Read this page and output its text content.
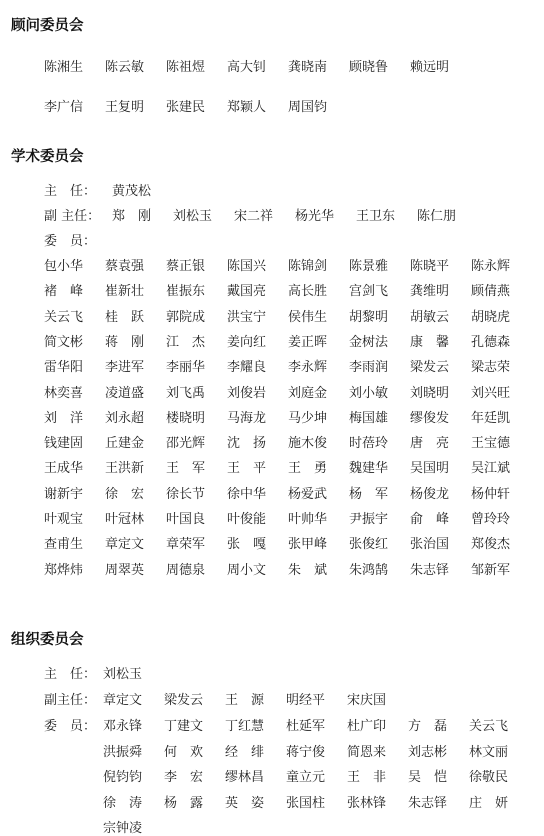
顾问委员会
陈湘生 陈云敏 陈祖煜 高大钊 龚晓南 顾晓鲁 赖远明
李广信 王复明 张建民 郑颖人 周国钧
学术委员会
主　任： 黄茂松
副 主任： 郑　刚 刘松玉 宋二祥 杨光华 王卫东 陈仁朋
委　员：
包小华 蔡袁强 蔡正银 陈国兴 陈锦剑 陈景雅 陈晓平 陈永辉
褚　峰 崔新壮 崔振东 戴国亮 高长胜 宫剑飞 龚维明 顾倩燕
关云飞 桂　跃 郭院成 洪宝宁 侯伟生 胡黎明 胡敏云 胡晓虎
简文彬 蒋　刚 江　杰 姜向红 姜正晖 金树法 康　馨 孔德森
雷华阳 李进军 李丽华 李耀良 李永辉 李雨润 梁发云 梁志荣
林奕喜 凌道盛 刘飞禹 刘俊岩 刘庭金 刘小敏 刘晓明 刘兴旺
刘　洋 刘永超 楼晓明 马海龙 马少坤 梅国雄 缪俊发 年廷凯
钱建固 丘建金 邵光辉 沈　扬 施木俊 时蓓玲 唐　亮 王宝德
王成华 王洪新 王　军 王　平 王　勇 魏建华 吴国明 吴江斌
谢新宇 徐　宏 徐长节 徐中华 杨爱武 杨　军 杨俊龙 杨仲轩
叶观宝 叶冠林 叶国良 叶俊能 叶帅华 尹振宇 俞　峰 曾玲玲
查甫生 章定文 章荣军 张　嘎 张甲峰 张俊红 张治国 郑俊杰
郑烨炜 周翠英 周德泉 周小文 朱　斌 朱鸿鹄 朱志铎 邹新军
组织委员会
主　任： 刘松玉
副主任： 章定文 梁发云 王　源 明经平 宋庆国
委　员： 邓永锋 丁建文 丁红慧 杜延军 杜广印 方　磊 关云飞
洪振舜 何　欢 经　绯 蒋宁俊 简恩来 刘志彬 林文丽
倪钧钧 李　宏 缪林昌 童立元 王　非 吴　恺 徐敬民
徐　涛 杨　露 英　姿 张国柱 张林锋 朱志铎 庄　妍
宗钟凌
